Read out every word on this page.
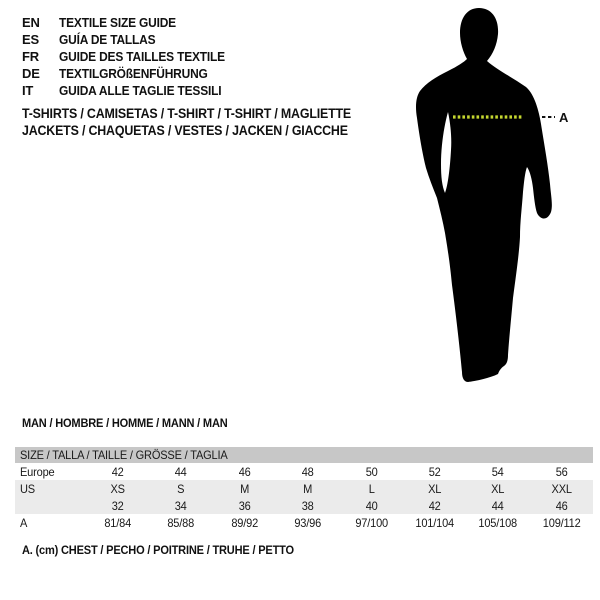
EN TEXTILE SIZE GUIDE
ES GUÍA DE TALLAS
FR GUIDE DES TAILLES TEXTILE
DE TEXTILGRÖßENFÜHRUNG
IT GUIDA ALLE TAGLIE TESSILI
T-SHIRTS / CAMISETAS / T-SHIRT / T-SHIRT / MAGLIETTE
JACKETS / CHAQUETAS / VESTES / JACKEN / GIACCHE
A
MAN / HOMBRE / HOMME / MANN / MAN
SIZE / TALLA / TAILLE / GRÖSSE / TAGLIA								

Europe	42	44	46	48	50	52	54	56

US	XS	S	M	M	L	XL	XL	XXL

	32	34	36	38	40	42	44	46

A	81/84	85/88	89/92	93/96	97/100	101/104	105/108	109/112
A. (cm) CHEST / PECHO / POITRINE / TRUHE / PETTO
